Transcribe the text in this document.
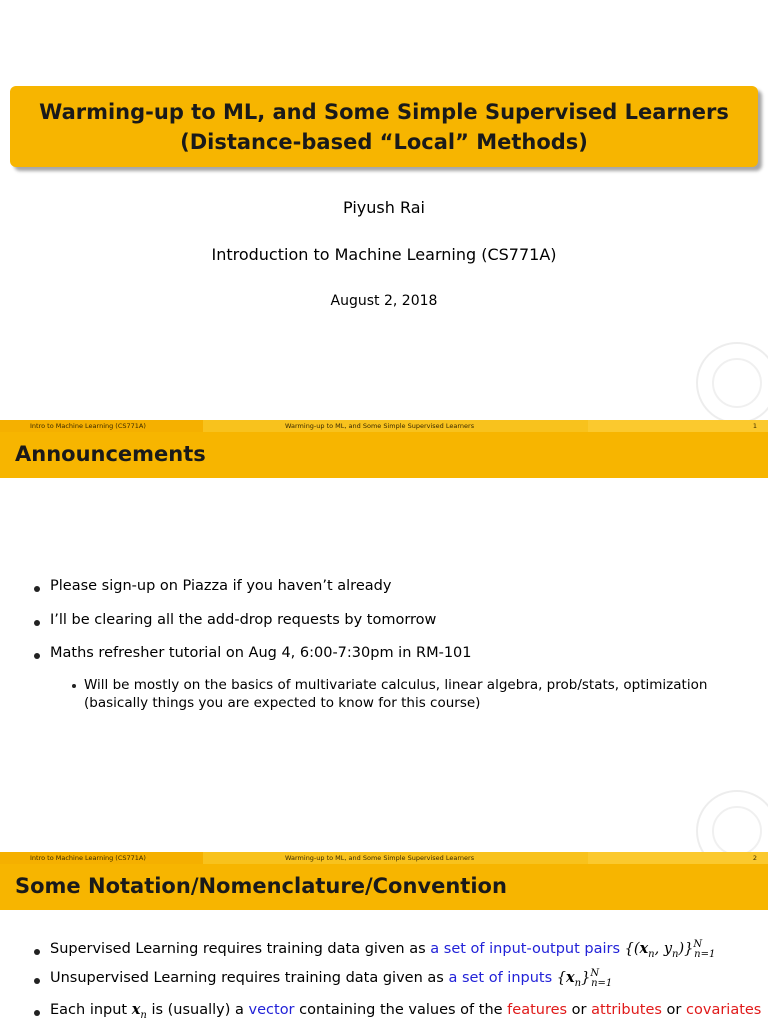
Warming-up to ML, and Some Simple Supervised Learners
(Distance-based “Local” Methods)
Piyush Rai
Introduction to Machine Learning (CS771A)
August 2, 2018
Intro to Machine Learning (CS771A)	Warming-up to ML, and Some Simple Supervised Learners	1
Announcements
Please sign-up on Piazza if you haven’t already
I’ll be clearing all the add-drop requests by tomorrow
Maths refresher tutorial on Aug 4, 6:00-7:30pm in RM-101
Will be mostly on the basics of multivariate calculus, linear algebra, prob/stats, optimization (basically things you are expected to know for this course)
Intro to Machine Learning (CS771A)	Warming-up to ML, and Some Simple Supervised Learners	2
Some Notation/Nomenclature/Convention
Supervised Learning requires training data given as a set of input-output pairs {($x_n$, $y_n)\}^N_{n=1}$
Unsupervised Learning requires training data given as a set of inputs $\{x_n\}^N_{n=1}$
Each input $x_n$ is (usually) a vector containing the values of the features or attributes or covariates
